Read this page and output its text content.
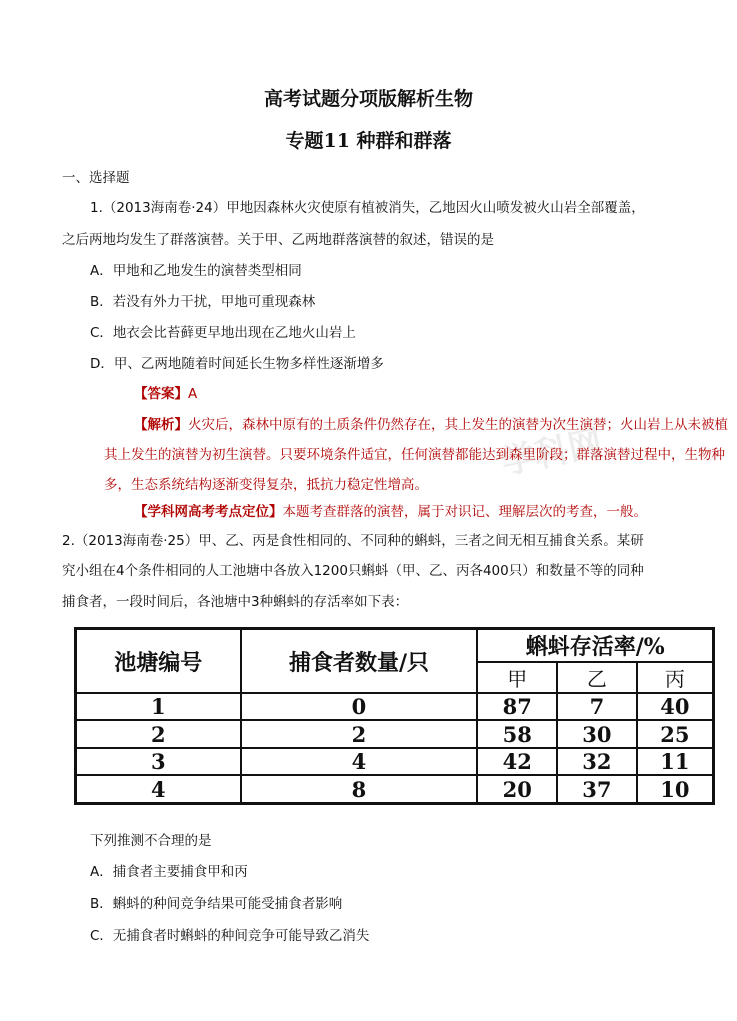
学科网
高考试题分项版解析生物
专题11 种群和群落
一、选择题
1.（2013海南卷·24）甲地因森林火灾使原有植被消失，乙地因火山喷发被火山岩全部覆盖，
之后两地均发生了群落演替。关于甲、乙两地群落演替的叙述，错误的是
A．甲地和乙地发生的演替类型相同
B．若没有外力干扰，甲地可重现森林
C．地衣会比苔藓更早地出现在乙地火山岩上
D．甲、乙两地随着时间延长生物多样性逐渐增多
【答案】A
【解析】火灾后，森林中原有的土质条件仍然存在，其上发生的演替为次生演替；火山岩上从未被植
其上发生的演替为初生演替。只要环境条件适宜，任何演替都能达到森里阶段；群落演替过程中，生物种
多，生态系统结构逐渐变得复杂，抵抗力稳定性增高。
【学科网高考考点定位】本题考查群落的演替，属于对识记、理解层次的考查，一般。
2.（2013海南卷·25）甲、乙、丙是食性相同的、不同种的蝌蚪，三者之间无相互捕食关系。某研
究小组在4个条件相同的人工池塘中各放入1200只蝌蚪（甲、乙、丙各400只）和数量不等的同种
捕食者，一段时间后，各池塘中3种蝌蚪的存活率如下表：
池塘编号	捕食者数量/只	蝌蚪存活率/%		
		甲	乙	丙
1	0	87	7	40
2	2	58	30	25
3	4	42	32	11
4	8	20	37	10
下列推测不合理的是
A．捕食者主要捕食甲和丙
B．蝌蚪的种间竞争结果可能受捕食者影响
C．无捕食者时蝌蚪的种间竞争可能导致乙消失
